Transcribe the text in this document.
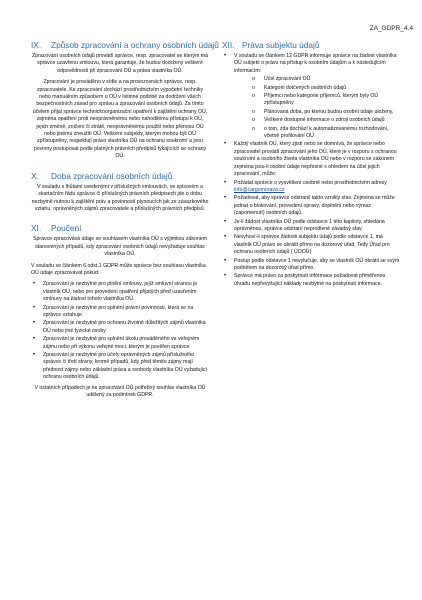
ZA_GDPR_4.4
IX. Způsob zpracování a ochrany osobních údajů
Zpracování osobních údajů provádí správce, resp. zpracovatel se kterým má správce uzavřenu smlouvu, která garantuje, že budou dodrženy veškeré odpovědnosti při zpracování OÚ a práva vlastníka OÚ.
Zpracování je prováděno v sídle a na provozovnách správce, resp. zpracovatele. Ke zpracování dochází prostřednictvím výpočetní techniky nebo manuálním způsobem u OÚ v listinné podobě za dodržení všech bezpečnostních zásad pro správu a zpracování osobních údajů. Za tímto účelem přijal správce technickoorganizační opatření k zajištění ochrany OÚ, zejména opatření proti neoprávněnému nebo nahodilému přístupu k OÚ, jejich změně, zničení či ztrátě, neoprávněnému použití nebo přenosu OÚ nebo jinému zneužití OÚ. Veškeré subjekty, kterým mohou být OÚ zpřístupněny, respektují právo vlastníka OÚ na ochranu soukromí a jsou povinny postupovat podle platných právních předpisů týkajících se ochrany OÚ.
X. Doba zpracování osobních údajů
V souladu s lhůtami uvedenými v příslušných smlouvách, ve spisovém a skartačním řádu správce či příslušných právních předpisech jde o dobu nezbytně nutnou k zajištění práv a povinností plynoucích jak ze závazkového vztahu, oprávněných zájmů zpracovatele a příslušných právních předpisů.
XI. Poučení
Správce zpracovává údaje se souhlasem vlastníka OÚ s výjimkou zákonem stanovených případů, kdy zpracování osobních údajů nevyžaduje souhlas vlastníka OÚ.
V souladu se článkem 6.odst.1 GDPR může správce bez souhlasu vlastníka OÚ údaje zpracovávat pokud:
• Zpracování je nezbytné pro plnění smlouvy, jejíž smluvní stranou je vlastník OÚ, nebo pro provedení opatření přijatých před uzavřením smlouvy na žádost tohoto vlastníka OÚ.
• Zpracování je nezbytné pro splnění právní povinnosti, která se na správce vztahuje
• Zpracování je nezbytné pro ochranu životně důležitých zájmů vlastníka OÚ nebo jiné fyzické osoby
• Zpracování je nezbytné pro splnění úkolu prováděného ve veřejném zájmu nebo při výkonu veřejné moci, kterým je pověřen správce
• Zpracování je nezbytné pro účely oprávněných zájmů příslušného správce či třetí strany, kromě případů, kdy před těmito zájmy mají přednost zájmy nebo základní práva a svobody vlastníka OÚ vyžadující ochranu osobních údajů.
V ostatních případech je ke zpracování OÚ potřebný souhlas vlastníka OÚ udělený za podmínek GDPR.
XII. Práva subjektu údajů
• V souladu se článkem 12 GDPR informuje správce na žádost vlastníka OÚ subjekt o právu na přístup k osobním údajům a k následujícím informacím:
o Účel zpracování OÚ
o Kategorii dotčených osobních údajů
o Příjemci nebo kategorie příjemců, kterým byly OÚ zpřístupněny
o Plánovaná doba, po kterou budou osobní údaje uloženy,
o Veškeré dostupné informace o zdroji osobních údajů
o o tom, zda dochází k automatizovanému rozhodování, včetně profilování OÚ
• Každý vlastník OÚ, který zjistí nebo se domnívá, že správce nebo zpracovatel provádí zpracování jeho OÚ, které je v rozporu s ochranou soukromí a osobního života vlastníka OÚ nebo v rozporu se zákonem zejména jsou-li osobní údaje nepřesné s ohledem na účel jejich zpracování, může:
• Požádat správce o vysvětlení osobně nebo prostřednictvím adresy info@cargomorava.cz
• Požadovat, aby správce odstranil takto vzniklý stav. Zejména se může jednat o blokování, provedení opravy, doplnění nebo výmaz (zapomenutí) osobních údajů.
• Je-li žádost vlastníka OÚ podle odstavce 1 této kapitoly, shledána oprávněnou, správce odstraní neprodleně závadný stav.
• Nevyhoví-li správce žádosti subjektu údajů podle odstavce 1, má vlastník OÚ právo se obrátit přímo na dozorový úřad, Tedy Úřad pro ochranu osobních údajů ( ÚOOÚ)
• Postup podle odstavce 1 nevylučuje, aby se vlastník OÚ obrátil se svým podnětem na dozorový úřad přímo.
• Správce má právo za poskytnutí informace požadovat přiměřenou úhradu nepřevyšující náklady nezbytné na poskytnutí informace.
